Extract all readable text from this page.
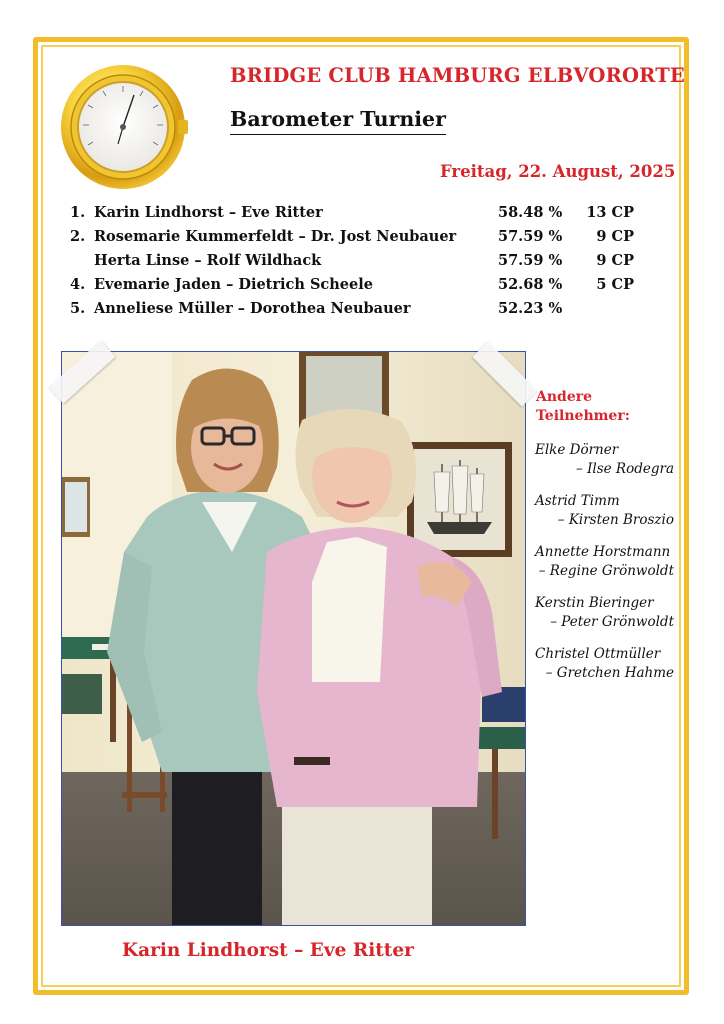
BRIDGE CLUB HAMBURG ELBVORORTE
Barometer Turnier
Freitag, 22. August, 2025
1. Karin Lindhorst – Eve Ritter	58.48 % 13 CP
2. Rosemarie Kummerfeldt – Dr. Jost Neubauer	57.59 % 9 CP
Herta Linse – Rolf Wildhack	57.59 % 9 CP
4. Evemarie Jaden – Dietrich Scheele	52.68 % 5 CP
5. Anneliese Müller – Dorothea Neubauer	52.23 %
Andere
Teilnehmer:
Elke Dörner
– Ilse Rodegra
Astrid Timm
– Kirsten Broszio
Annette Horstmann
– Regine Grönwoldt
Kerstin Bieringer
– Peter Grönwoldt
Christel Ottmüller
– Gretchen Hahme
Karin Lindhorst – Eve Ritter
